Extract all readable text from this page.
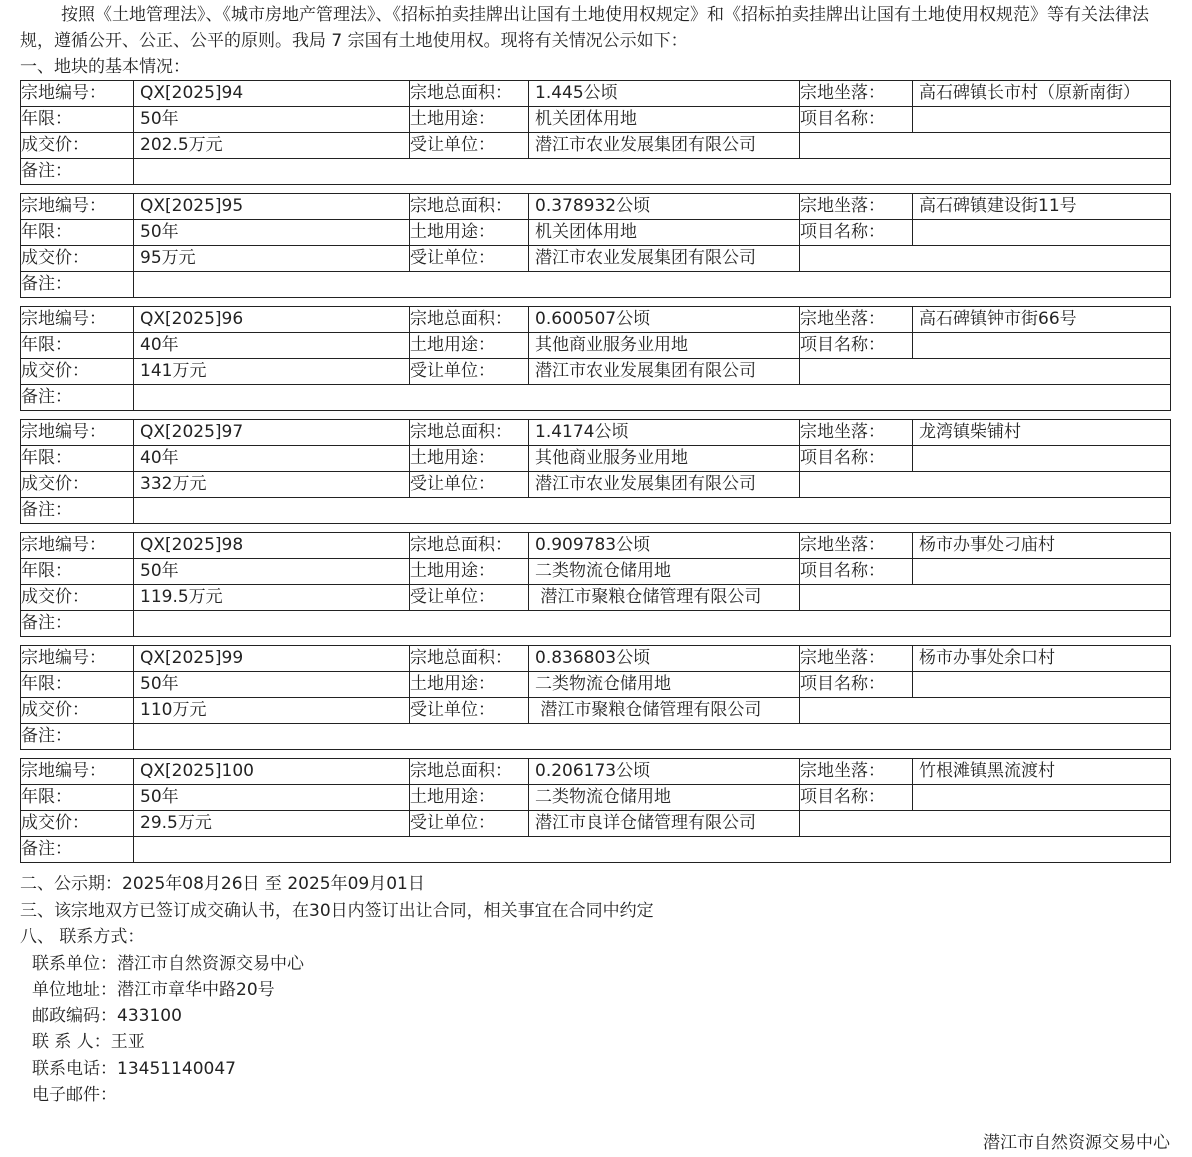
按照《土地管理法》、《城市房地产管理法》、《招标拍卖挂牌出让国有土地使用权规定》和《招标拍卖挂牌出让国有土地使用权规范》等有关法律法规，遵循公开、公正、公平的原则。我局 7 宗国有土地使用权。现将有关情况公示如下：

一、地块的基本情况：

宗地编号：	QX[2025]94	宗地总面积：	1.445公顷	宗地坐落：	高石碑镇长市村（原新南街）
年限：	50年	土地用途：	机关团体用地	项目名称：	
成交价：	202.5万元	受让单位：	潜江市农业发展集团有限公司		
备注：					
宗地编号：	QX[2025]95	宗地总面积：	0.378932公顷	宗地坐落：	高石碑镇建设街11号
年限：	50年	土地用途：	机关团体用地	项目名称：	
成交价：	95万元	受让单位：	潜江市农业发展集团有限公司		
备注：					
宗地编号：	QX[2025]96	宗地总面积：	0.600507公顷	宗地坐落：	高石碑镇钟市街66号
年限：	40年	土地用途：	其他商业服务业用地	项目名称：	
成交价：	141万元	受让单位：	潜江市农业发展集团有限公司		
备注：					
宗地编号：	QX[2025]97	宗地总面积：	1.4174公顷	宗地坐落：	龙湾镇柴铺村
年限：	40年	土地用途：	其他商业服务业用地	项目名称：	
成交价：	332万元	受让单位：	潜江市农业发展集团有限公司		
备注：					
宗地编号：	QX[2025]98	宗地总面积：	0.909783公顷	宗地坐落：	杨市办事处刁庙村
年限：	50年	土地用途：	二类物流仓储用地	项目名称：	
成交价：	119.5万元	受让单位：	潜江市聚粮仓储管理有限公司		
备注：					
宗地编号：	QX[2025]99	宗地总面积：	0.836803公顷	宗地坐落：	杨市办事处余口村
年限：	50年	土地用途：	二类物流仓储用地	项目名称：	
成交价：	110万元	受让单位：	潜江市聚粮仓储管理有限公司		
备注：					
宗地编号：	QX[2025]100	宗地总面积：	0.206173公顷	宗地坐落：	竹根滩镇黑流渡村
年限：	50年	土地用途：	二类物流仓储用地	项目名称：	
成交价：	29.5万元	受让单位：	潜江市良详仓储管理有限公司		
备注：					

二、公示期：2025年08月26日 至 2025年09月01日

三、该宗地双方已签订成交确认书，在30日内签订出让合同，相关事宜在合同中约定

八、 联系方式：

联系单位：潜江市自然资源交易中心

单位地址：潜江市章华中路20号

邮政编码：433100

联 系 人：王亚

联系电话：13451140047

电子邮件：

潜江市自然资源交易中心
